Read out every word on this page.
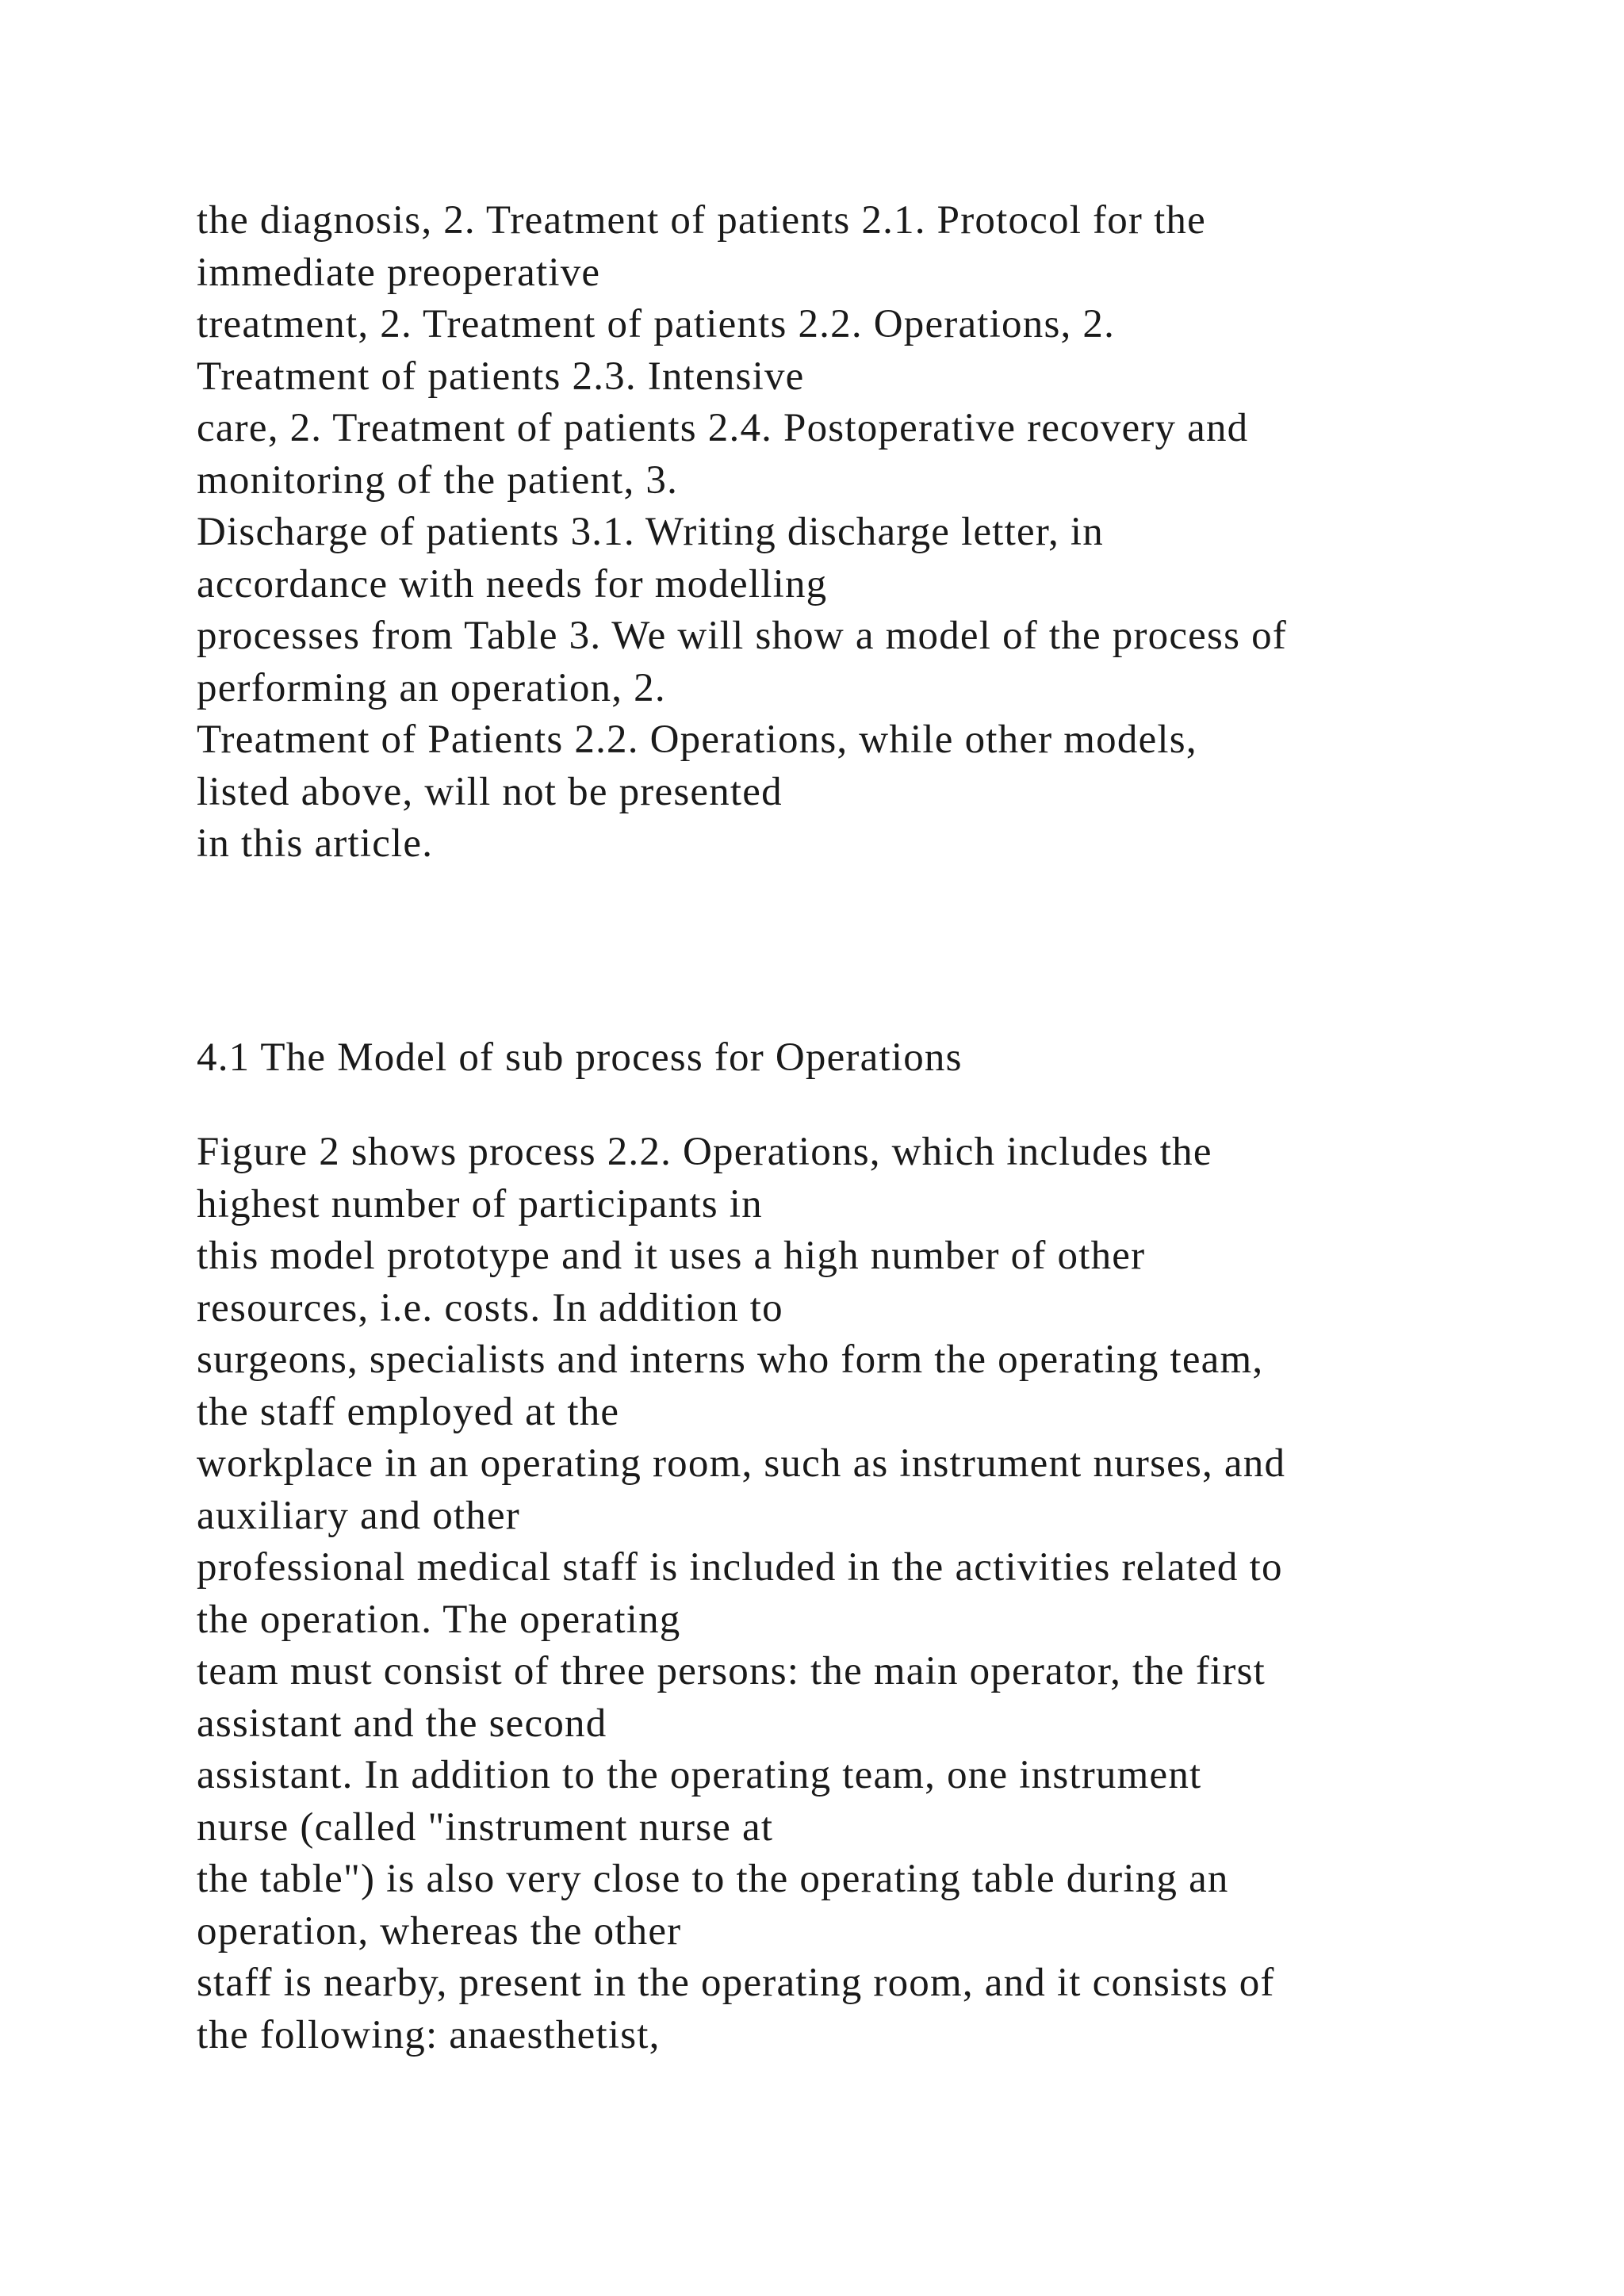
the diagnosis, 2. Treatment of patients 2.1. Protocol for the
immediate preoperative
treatment, 2. Treatment of patients 2.2. Operations, 2.
Treatment of patients 2.3. Intensive
care, 2. Treatment of patients 2.4. Postoperative recovery and
monitoring of the patient, 3.
Discharge of patients 3.1. Writing discharge letter, in
accordance with needs for modelling
processes from Table 3. We will show a model of the process of
performing an operation, 2.
Treatment of Patients 2.2. Operations, while other models,
listed above, will not be presented
in this article.
4.1 The Model of sub process for Operations
Figure 2 shows process 2.2. Operations, which includes the
highest number of participants in
this model prototype and it uses a high number of other
resources, i.e. costs. In addition to
surgeons, specialists and interns who form the operating team,
the staff employed at the
workplace in an operating room, such as instrument nurses, and
auxiliary and other
professional medical staff is included in the activities related to
the operation. The operating
team must consist of three persons: the main operator, the first
assistant and the second
assistant. In addition to the operating team, one instrument
nurse (called "instrument nurse at
the table") is also very close to the operating table during an
operation, whereas the other
staff is nearby, present in the operating room, and it consists of
the following: anaesthetist,
